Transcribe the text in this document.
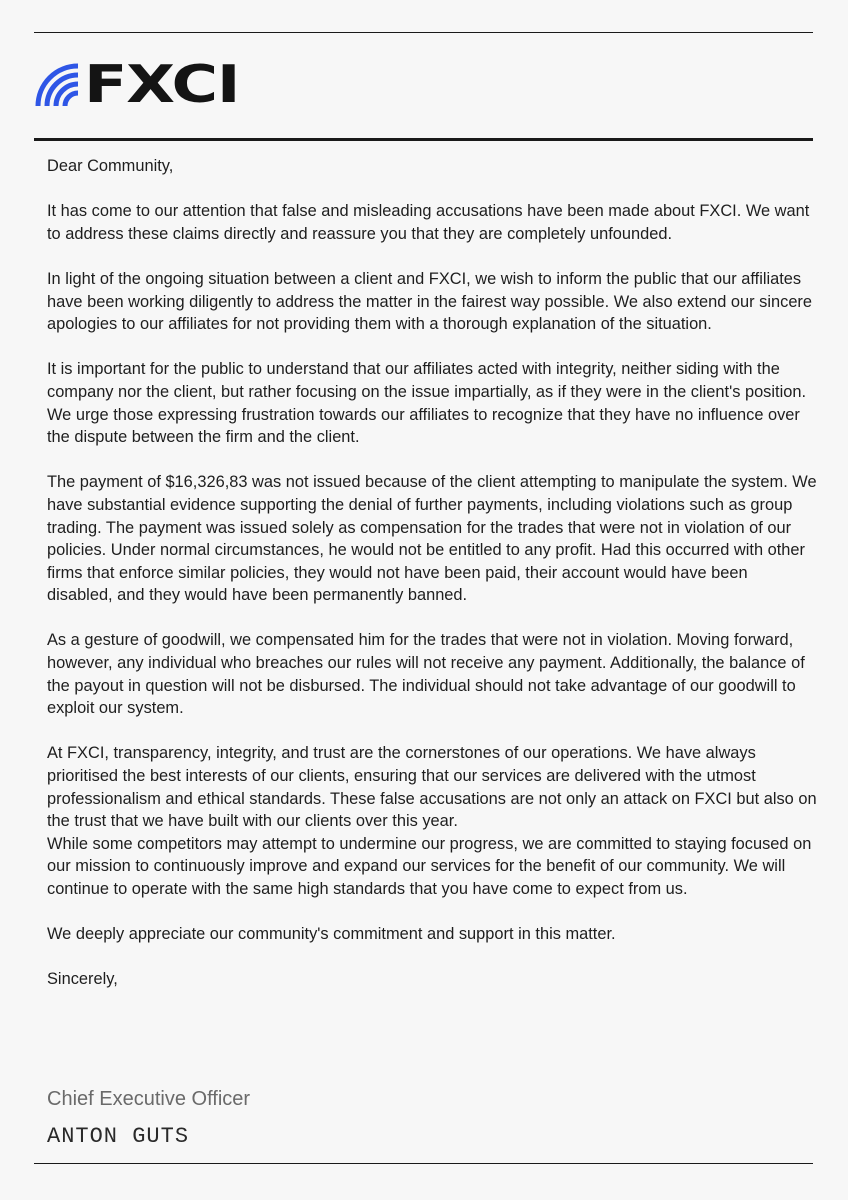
FXCI

Dear Community,

It has come to our attention that false and misleading accusations have been made about FXCI. We want to address these claims directly and reassure you that they are completely unfounded.

In light of the ongoing situation between a client and FXCI, we wish to inform the public that our affiliates have been working diligently to address the matter in the fairest way possible. We also extend our sincere apologies to our affiliates for not providing them with a thorough explanation of the situation.

It is important for the public to understand that our affiliates acted with integrity, neither siding with the company nor the client, but rather focusing on the issue impartially, as if they were in the client's position. We urge those expressing frustration towards our affiliates to recognize that they have no influence over the dispute between the firm and the client.

The payment of $16,326,83 was not issued because of the client attempting to manipulate the system. We have substantial evidence supporting the denial of further payments, including violations such as group trading. The payment was issued solely as compensation for the trades that were not in violation of our policies. Under normal circumstances, he would not be entitled to any profit. Had this occurred with other firms that enforce similar policies, they would not have been paid, their account would have been disabled, and they would have been permanently banned.

As a gesture of goodwill, we compensated him for the trades that were not in violation. Moving forward, however, any individual who breaches our rules will not receive any payment. Additionally, the balance of the payout in question will not be disbursed. The individual should not take advantage of our goodwill to exploit our system.

At FXCI, transparency, integrity, and trust are the cornerstones of our operations. We have always prioritised the best interests of our clients, ensuring that our services are delivered with the utmost professionalism and ethical standards. These false accusations are not only an attack on FXCI but also on the trust that we have built with our clients over this year.

While some competitors may attempt to undermine our progress, we are committed to staying focused on our mission to continuously improve and expand our services for the benefit of our community. We will continue to operate with the same high standards that you have come to expect from us.

We deeply appreciate our community's commitment and support in this matter.

Sincerely,

Chief Executive Officer
ANTON GUTS
